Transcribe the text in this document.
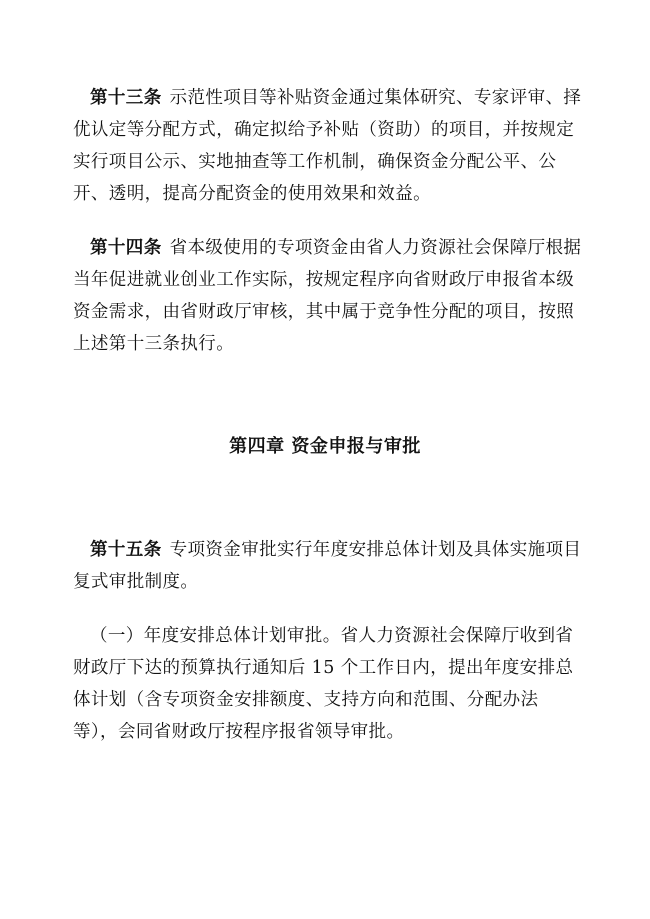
第十三条 示范性项目等补贴资金通过集体研究、专家评审、择优认定等分配方式，确定拟给予补贴（资助）的项目，并按规定实行项目公示、实地抽查等工作机制，确保资金分配公平、公开、透明，提高分配资金的使用效果和效益。

第十四条 省本级使用的专项资金由省人力资源社会保障厅根据当年促进就业创业工作实际，按规定程序向省财政厅申报省本级资金需求，由省财政厅审核，其中属于竞争性分配的项目，按照上述第十三条执行。

第四章 资金申报与审批

第十五条 专项资金审批实行年度安排总体计划及具体实施项目复式审批制度。

（一）年度安排总体计划审批。省人力资源社会保障厅收到省财政厅下达的预算执行通知后 15 个工作日内，提出年度安排总体计划（含专项资金安排额度、支持方向和范围、分配办法等），会同省财政厅按程序报省领导审批。
